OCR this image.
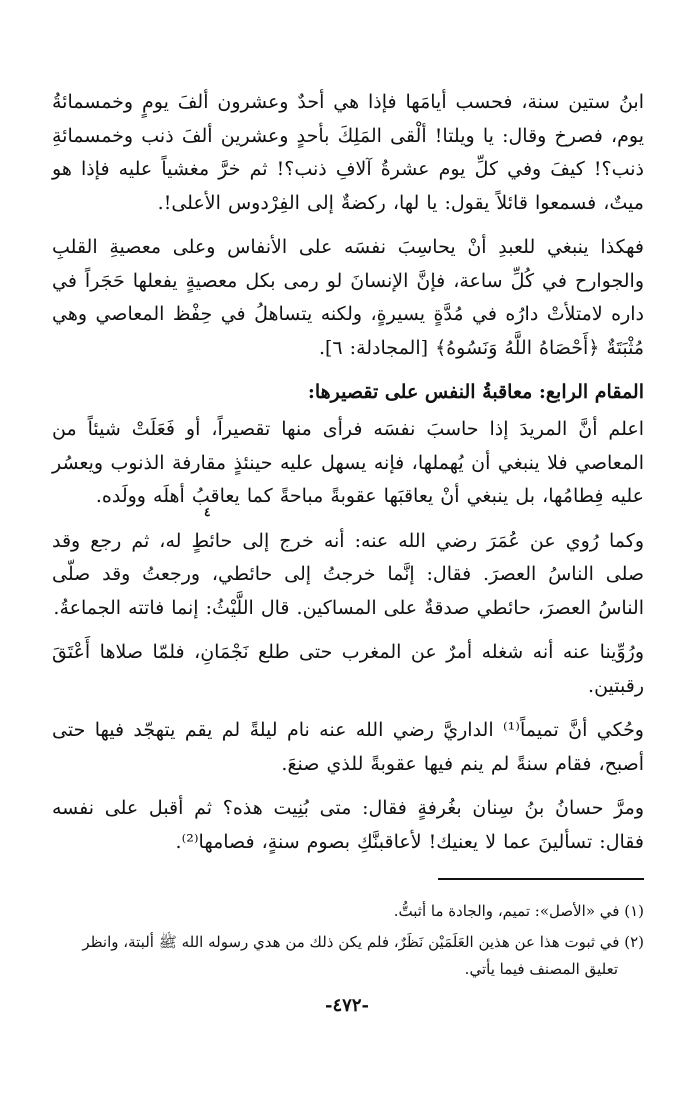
ابنُ ستين سنة، فحسب أيامَها فإذا هي أحدٌ وعشرون ألفَ يومٍ وخمسمائةُ يوم، فصرخ وقال: يا ويلتا! ألْقى المَلِكَ بأحدٍ وعشرين ألفَ ذنب وخمسمائةِ ذنب؟! كيفَ وفي كلِّ يوم عشرةُ آلافِ ذنب؟! ثم خرَّ مغشياً عليه فإذا هو ميتٌ، فسمعوا قائلاً يقول: يا لها، ركضةٌ إلى الفِرْدوس الأعلى!.

فهكذا ينبغي للعبدِ أنْ يحاسِبَ نفسَه على الأنفاس وعلى معصيةِ القلبِ والجوارح في كُلِّ ساعة، فإنَّ الإنسانَ لو رمى بكل معصيةٍ يفعلها حَجَراً في داره لامتلأتْ دارُه في مُدَّةٍ يسيرةٍ، ولكنه يتساهلُ في حِفْظ المعاصي وهي مُثْبَتَةٌ ﴿أَحْصَاهُ اللَّهُ وَنَسُوهُ﴾ [المجادلة: ٦].

المقام الرابع: معاقبةُ النفس على تقصيرها:

اعلم أنَّ المريدَ إذا حاسبَ نفسَه فرأى منها تقصيراً، أو فَعَلَتْ شيئاً من المعاصي فلا ينبغي أن يُهملها، فإنه يسهل عليه حينئذٍ مقارفة الذنوب ويعسُر عليه فِطامُها، بل ينبغي أنْ يعاقبَها عقوبةً مباحةً كما يعاقبُ أهلَه وولَده.

وكما رُوي عن عُمَرَ رضي الله عنه: أنه خرج إلى حائطٍ له، ثم رجع وقد صلى الناسُ العصرَ. فقال: إنَّما خرجتُ إلى حائطي، ورجعتُ وقد صلّى الناسُ العصرَ، حائطي صدقةٌ على المساكين. قال اللَّيْثُ: إنما فاتته الجماعةُ.

ورُوِّينا عنه أنه شغله أمرٌ عن المغرب حتى طلع نَجْمَانِ، فلمّا صلاها أَعْتَقَ رقبتين.

وحُكي أنَّ تميماً⁽¹⁾ الداريَّ رضي الله عنه نام ليلةً لم يقم يتهجّد فيها حتى أصبح، فقام سنةً لم ينم فيها عقوبةً للذي صنعَ.

ومرَّ حسانُ بنُ سِنان بغُرفةٍ فقال: متى بُنِيت هذه؟ ثم أقبل على نفسه فقال: تسألينَ عما لا يعنيك! لأعاقبنَّكِ بصوم سنةٍ، فصامها⁽²⁾.

٤

(١) في «الأصل»: تميم، والجادة ما أثبتُّ.

(٢) في ثبوت هذا عن هذين العَلَمَيْن نَظَرٌ، فلم يكن ذلك من هدي رسوله الله ﷺ ألبتة، وانظر
تعليق المصنف فيما يأتي.

-٤٧٢-
